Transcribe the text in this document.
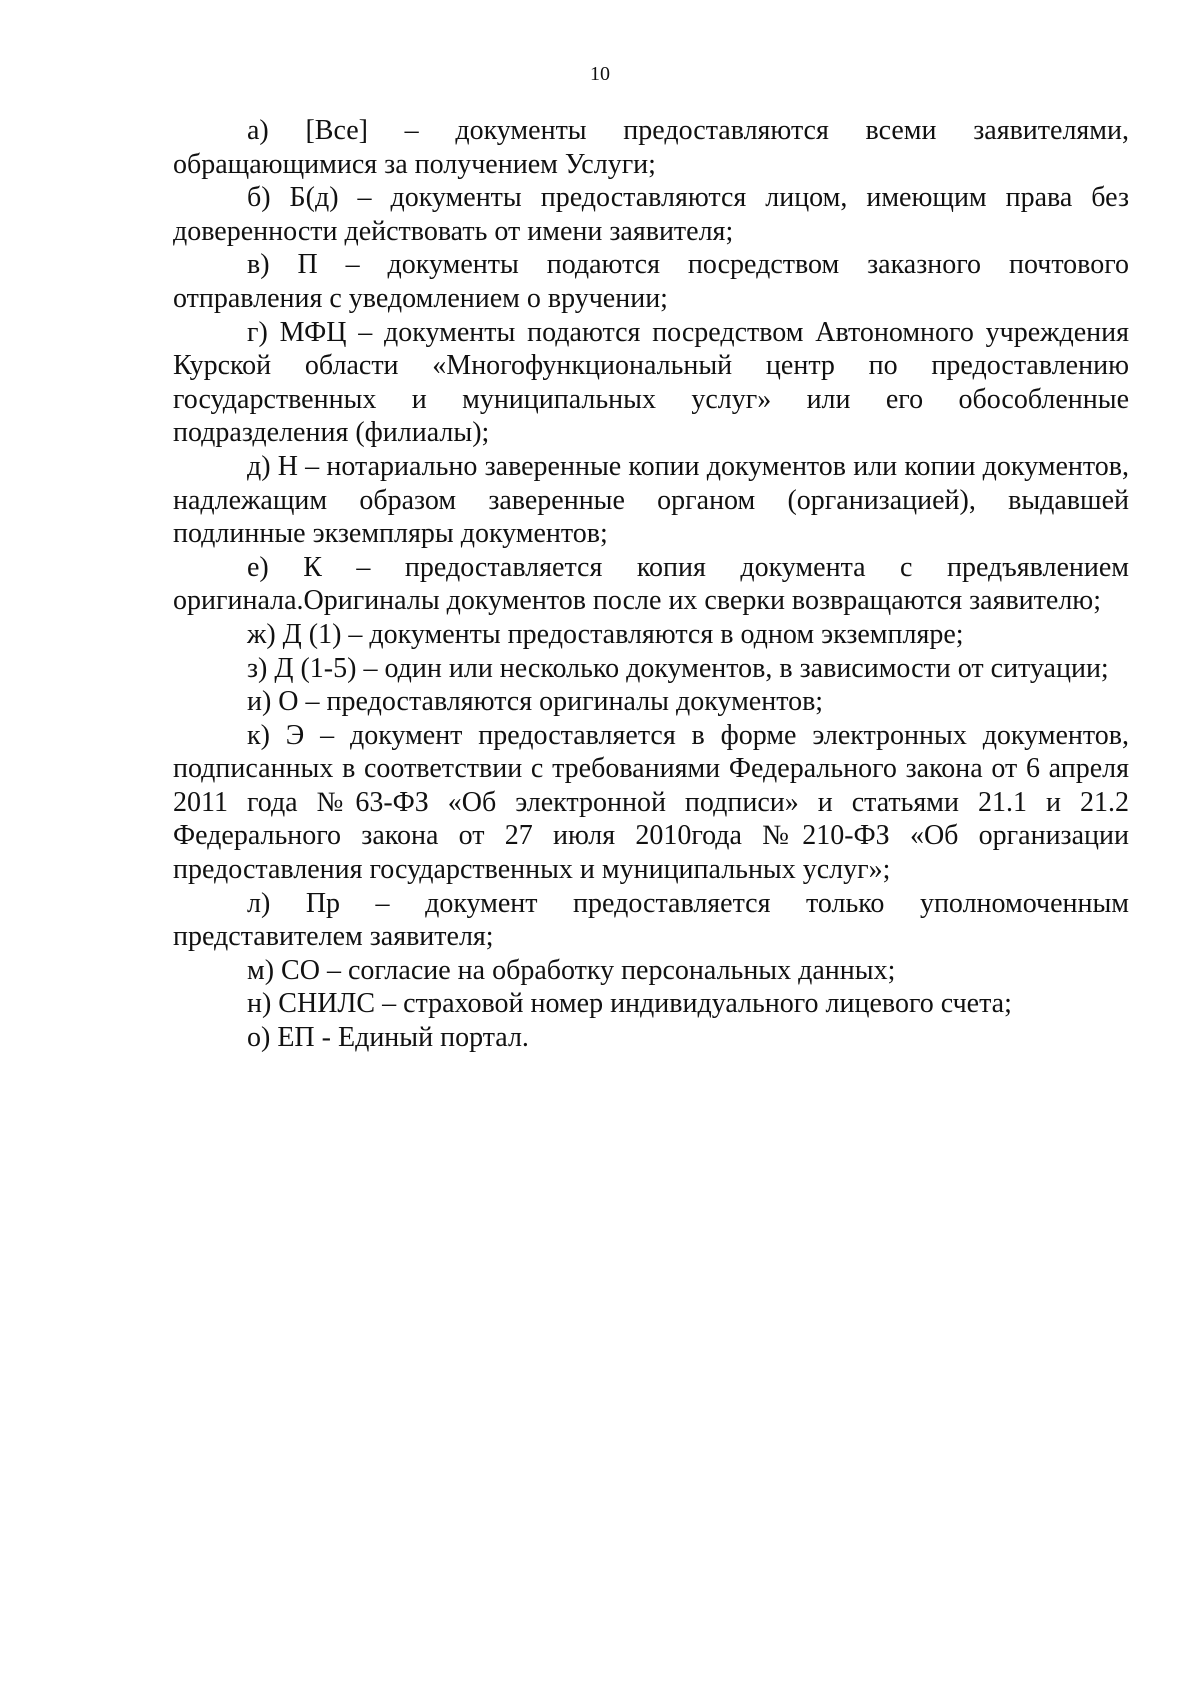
10

а) [Все] – документы предоставляются всеми заявителями, обращающимися за получением Услуги;

б) Б(д) – документы предоставляются лицом, имеющим права без доверенности действовать от имени заявителя;

в) П – документы подаются посредством заказного почтового отправления с уведомлением о вручении;

г) МФЦ – документы подаются посредством Автономного учреждения Курской области «Многофункциональный центр по предоставлению государственных и муниципальных услуг» или его обособленные подразделения (филиалы);

д) Н – нотариально заверенные копии документов или копии документов, надлежащим образом заверенные органом (организацией), выдавшей подлинные экземпляры документов;

е) К – предоставляется копия документа с предъявлением оригинала.Оригиналы документов после их сверки возвращаются заявителю;

ж) Д (1) – документы предоставляются в одном экземпляре;

з) Д (1-5) – один или несколько документов, в зависимости от ситуации;

и) О – предоставляются оригиналы документов;

к) Э – документ предоставляется в форме электронных документов, подписанных в соответствии с требованиями Федерального закона от 6 апреля 2011 года №63-ФЗ «Об электронной подписи» и статьями 21.1 и 21.2 Федерального закона от 27 июля 2010года №210-ФЗ «Об организации предоставления государственных и муниципальных услуг»;

л) Пр – документ предоставляется только уполномоченным представителем заявителя;

м) СО – согласие на обработку персональных данных;

н) СНИЛС – страховой номер индивидуального лицевого счета;

о) ЕП - Единый портал.
